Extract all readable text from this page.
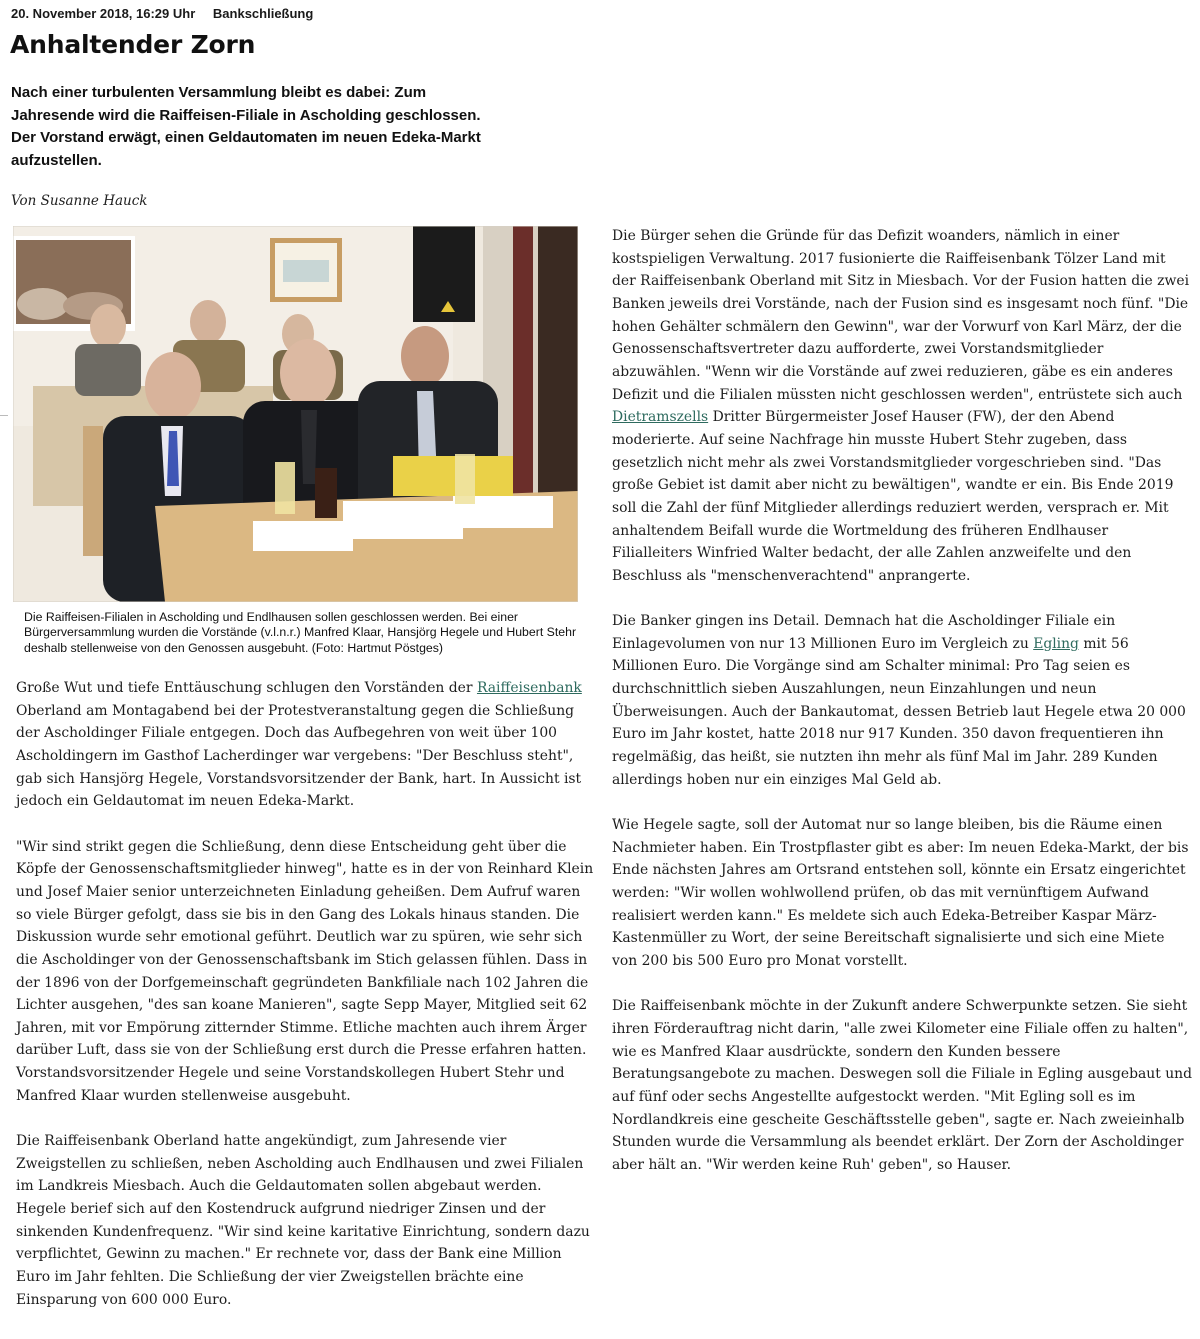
20. November 2018, 16:29 Uhr Bankschließung
Anhaltender Zorn

Nach einer turbulenten Versammlung bleibt es dabei: Zum Jahresende wird die Raiffeisen-Filiale in Ascholding geschlossen. Der Vorstand erwägt, einen Geldautomaten im neuen Edeka-Markt aufzustellen.

Von Susanne Hauck

Die Raiffeisen-Filialen in Ascholding und Endlhausen sollen geschlossen werden. Bei einer Bürgerversammlung wurden die Vorstände (v.l.n.r.) Manfred Klaar, Hansjörg Hegele und Hubert Stehr deshalb stellenweise von den Genossen ausgebuht. (Foto: Hartmut Pöstges)

Große Wut und tiefe Enttäuschung schlugen den Vorständen der Raiffeisenbank Oberland am Montagabend bei der Protestveranstaltung gegen die Schließung der Ascholdinger Filiale entgegen. Doch das Aufbegehren von weit über 100 Ascholdingern im Gasthof Lacherdinger war vergebens: "Der Beschluss steht", gab sich Hansjörg Hegele, Vorstandsvorsitzender der Bank, hart. In Aussicht ist jedoch ein Geldautomat im neuen Edeka-Markt.

"Wir sind strikt gegen die Schließung, denn diese Entscheidung geht über die Köpfe der Genossenschaftsmitglieder hinweg", hatte es in der von Reinhard Klein und Josef Maier senior unterzeichneten Einladung geheißen. Dem Aufruf waren so viele Bürger gefolgt, dass sie bis in den Gang des Lokals hinaus standen. Die Diskussion wurde sehr emotional geführt. Deutlich war zu spüren, wie sehr sich die Ascholdinger von der Genossenschaftsbank im Stich gelassen fühlen. Dass in der 1896 von der Dorfgemeinschaft gegründeten Bankfiliale nach 102 Jahren die Lichter ausgehen, "des san koane Manieren", sagte Sepp Mayer, Mitglied seit 62 Jahren, mit vor Empörung zitternder Stimme. Etliche machten auch ihrem Ärger darüber Luft, dass sie von der Schließung erst durch die Presse erfahren hatten. Vorstandsvorsitzender Hegele und seine Vorstandskollegen Hubert Stehr und Manfred Klaar wurden stellenweise ausgebuht.

Die Raiffeisenbank Oberland hatte angekündigt, zum Jahresende vier Zweigstellen zu schließen, neben Ascholding auch Endlhausen und zwei Filialen im Landkreis Miesbach. Auch die Geldautomaten sollen abgebaut werden. Hegele berief sich auf den Kostendruck aufgrund niedriger Zinsen und der sinkenden Kundenfrequenz. "Wir sind keine karitative Einrichtung, sondern dazu verpflichtet, Gewinn zu machen." Er rechnete vor, dass der Bank eine Million Euro im Jahr fehlten. Die Schließung der vier Zweigstellen brächte eine Einsparung von 600 000 Euro.

Die Bürger sehen die Gründe für das Defizit woanders, nämlich in einer kostspieligen Verwaltung. 2017 fusionierte die Raiffeisenbank Tölzer Land mit der Raiffeisenbank Oberland mit Sitz in Miesbach. Vor der Fusion hatten die zwei Banken jeweils drei Vorstände, nach der Fusion sind es insgesamt noch fünf. "Die hohen Gehälter schmälern den Gewinn", war der Vorwurf von Karl März, der die Genossenschaftsvertreter dazu aufforderte, zwei Vorstandsmitglieder abzuwählen. "Wenn wir die Vorstände auf zwei reduzieren, gäbe es ein anderes Defizit und die Filialen müssten nicht geschlossen werden", entrüstete sich auch Dietramszells Dritter Bürgermeister Josef Hauser (FW), der den Abend moderierte. Auf seine Nachfrage hin musste Hubert Stehr zugeben, dass gesetzlich nicht mehr als zwei Vorstandsmitglieder vorgeschrieben sind. "Das große Gebiet ist damit aber nicht zu bewältigen", wandte er ein. Bis Ende 2019 soll die Zahl der fünf Mitglieder allerdings reduziert werden, versprach er. Mit anhaltendem Beifall wurde die Wortmeldung des früheren Endlhauser Filialleiters Winfried Walter bedacht, der alle Zahlen anzweifelte und den Beschluss als "menschenverachtend" anprangerte.

Die Banker gingen ins Detail. Demnach hat die Ascholdinger Filiale ein Einlagevolumen von nur 13 Millionen Euro im Vergleich zu Egling mit 56 Millionen Euro. Die Vorgänge sind am Schalter minimal: Pro Tag seien es durchschnittlich sieben Auszahlungen, neun Einzahlungen und neun Überweisungen. Auch der Bankautomat, dessen Betrieb laut Hegele etwa 20 000 Euro im Jahr kostet, hatte 2018 nur 917 Kunden. 350 davon frequentieren ihn regelmäßig, das heißt, sie nutzten ihn mehr als fünf Mal im Jahr. 289 Kunden allerdings hoben nur ein einziges Mal Geld ab.

Wie Hegele sagte, soll der Automat nur so lange bleiben, bis die Räume einen Nachmieter haben. Ein Trostpflaster gibt es aber: Im neuen Edeka-Markt, der bis Ende nächsten Jahres am Ortsrand entstehen soll, könnte ein Ersatz eingerichtet werden: "Wir wollen wohlwollend prüfen, ob das mit vernünftigem Aufwand realisiert werden kann." Es meldete sich auch Edeka-Betreiber Kaspar März-Kastenmüller zu Wort, der seine Bereitschaft signalisierte und sich eine Miete von 200 bis 500 Euro pro Monat vorstellt.

Die Raiffeisenbank möchte in der Zukunft andere Schwerpunkte setzen. Sie sieht ihren Förderauftrag nicht darin, "alle zwei Kilometer eine Filiale offen zu halten", wie es Manfred Klaar ausdrückte, sondern den Kunden bessere Beratungsangebote zu machen. Deswegen soll die Filiale in Egling ausgebaut und auf fünf oder sechs Angestellte aufgestockt werden. "Mit Egling soll es im Nordlandkreis eine gescheite Geschäftsstelle geben", sagte er. Nach zweieinhalb Stunden wurde die Versammlung als beendet erklärt. Der Zorn der Ascholdinger aber hält an. "Wir werden keine Ruh' geben", so Hauser.
